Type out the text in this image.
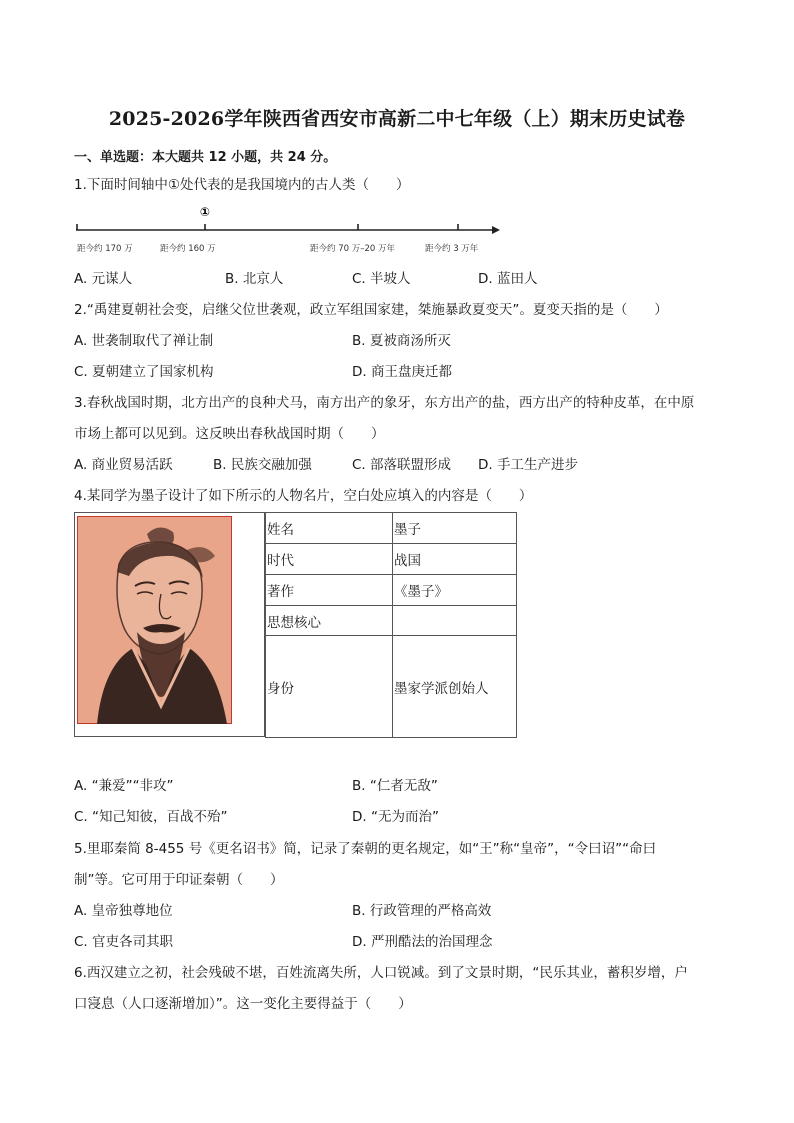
2025-2026学年陕西省西安市高新二中七年级（上）期末历史试卷
一、单选题：本大题共 12 小题，共 24 分。
1.下面时间轴中①处代表的是我国境内的古人类（　　）
①
距今约 170 万	距今约 160 万	距今约 70 万–20 万年	距今约 3 万年
A. 元谋人	B. 北京人	C. 半坡人	D. 蓝田人
2.“禹建夏朝社会变，启继父位世袭观，政立军组国家建，桀施暴政夏变天”。夏变天指的是（　　）
A. 世袭制取代了禅让制	B. 夏被商汤所灭
C. 夏朝建立了国家机构	D. 商王盘庚迁都
3.春秋战国时期，北方出产的良种犬马，南方出产的象牙，东方出产的盐，西方出产的特种皮革，在中原
市场上都可以见到。这反映出春秋战国时期（　　）
A. 商业贸易活跃	B. 民族交融加强	C. 部落联盟形成 D. 手工生产进步
4.某同学为墨子设计了如下所示的人物名片，空白处应填入的内容是（　　）
姓名	墨子
时代	战国
著作	《墨子》
思想核心	
身份	墨家学派创始人
A. “兼爱”“非攻”	B. “仁者无敌”
C. “知己知彼，百战不殆”	D. “无为而治”
5.里耶秦简 8-455 号《更名诏书》简，记录了秦朝的更名规定，如“王”称“皇帝”，“令曰诏”“命曰
制”等。它可用于印证秦朝（　　）
A. 皇帝独尊地位	B. 行政管理的严格高效
C. 官吏各司其职	D. 严刑酷法的治国理念
6.西汉建立之初，社会残破不堪，百姓流离失所，人口锐减。到了文景时期，“民乐其业，蓄积岁增，户
口寖息（人口逐渐增加）”。这一变化主要得益于（　　）
